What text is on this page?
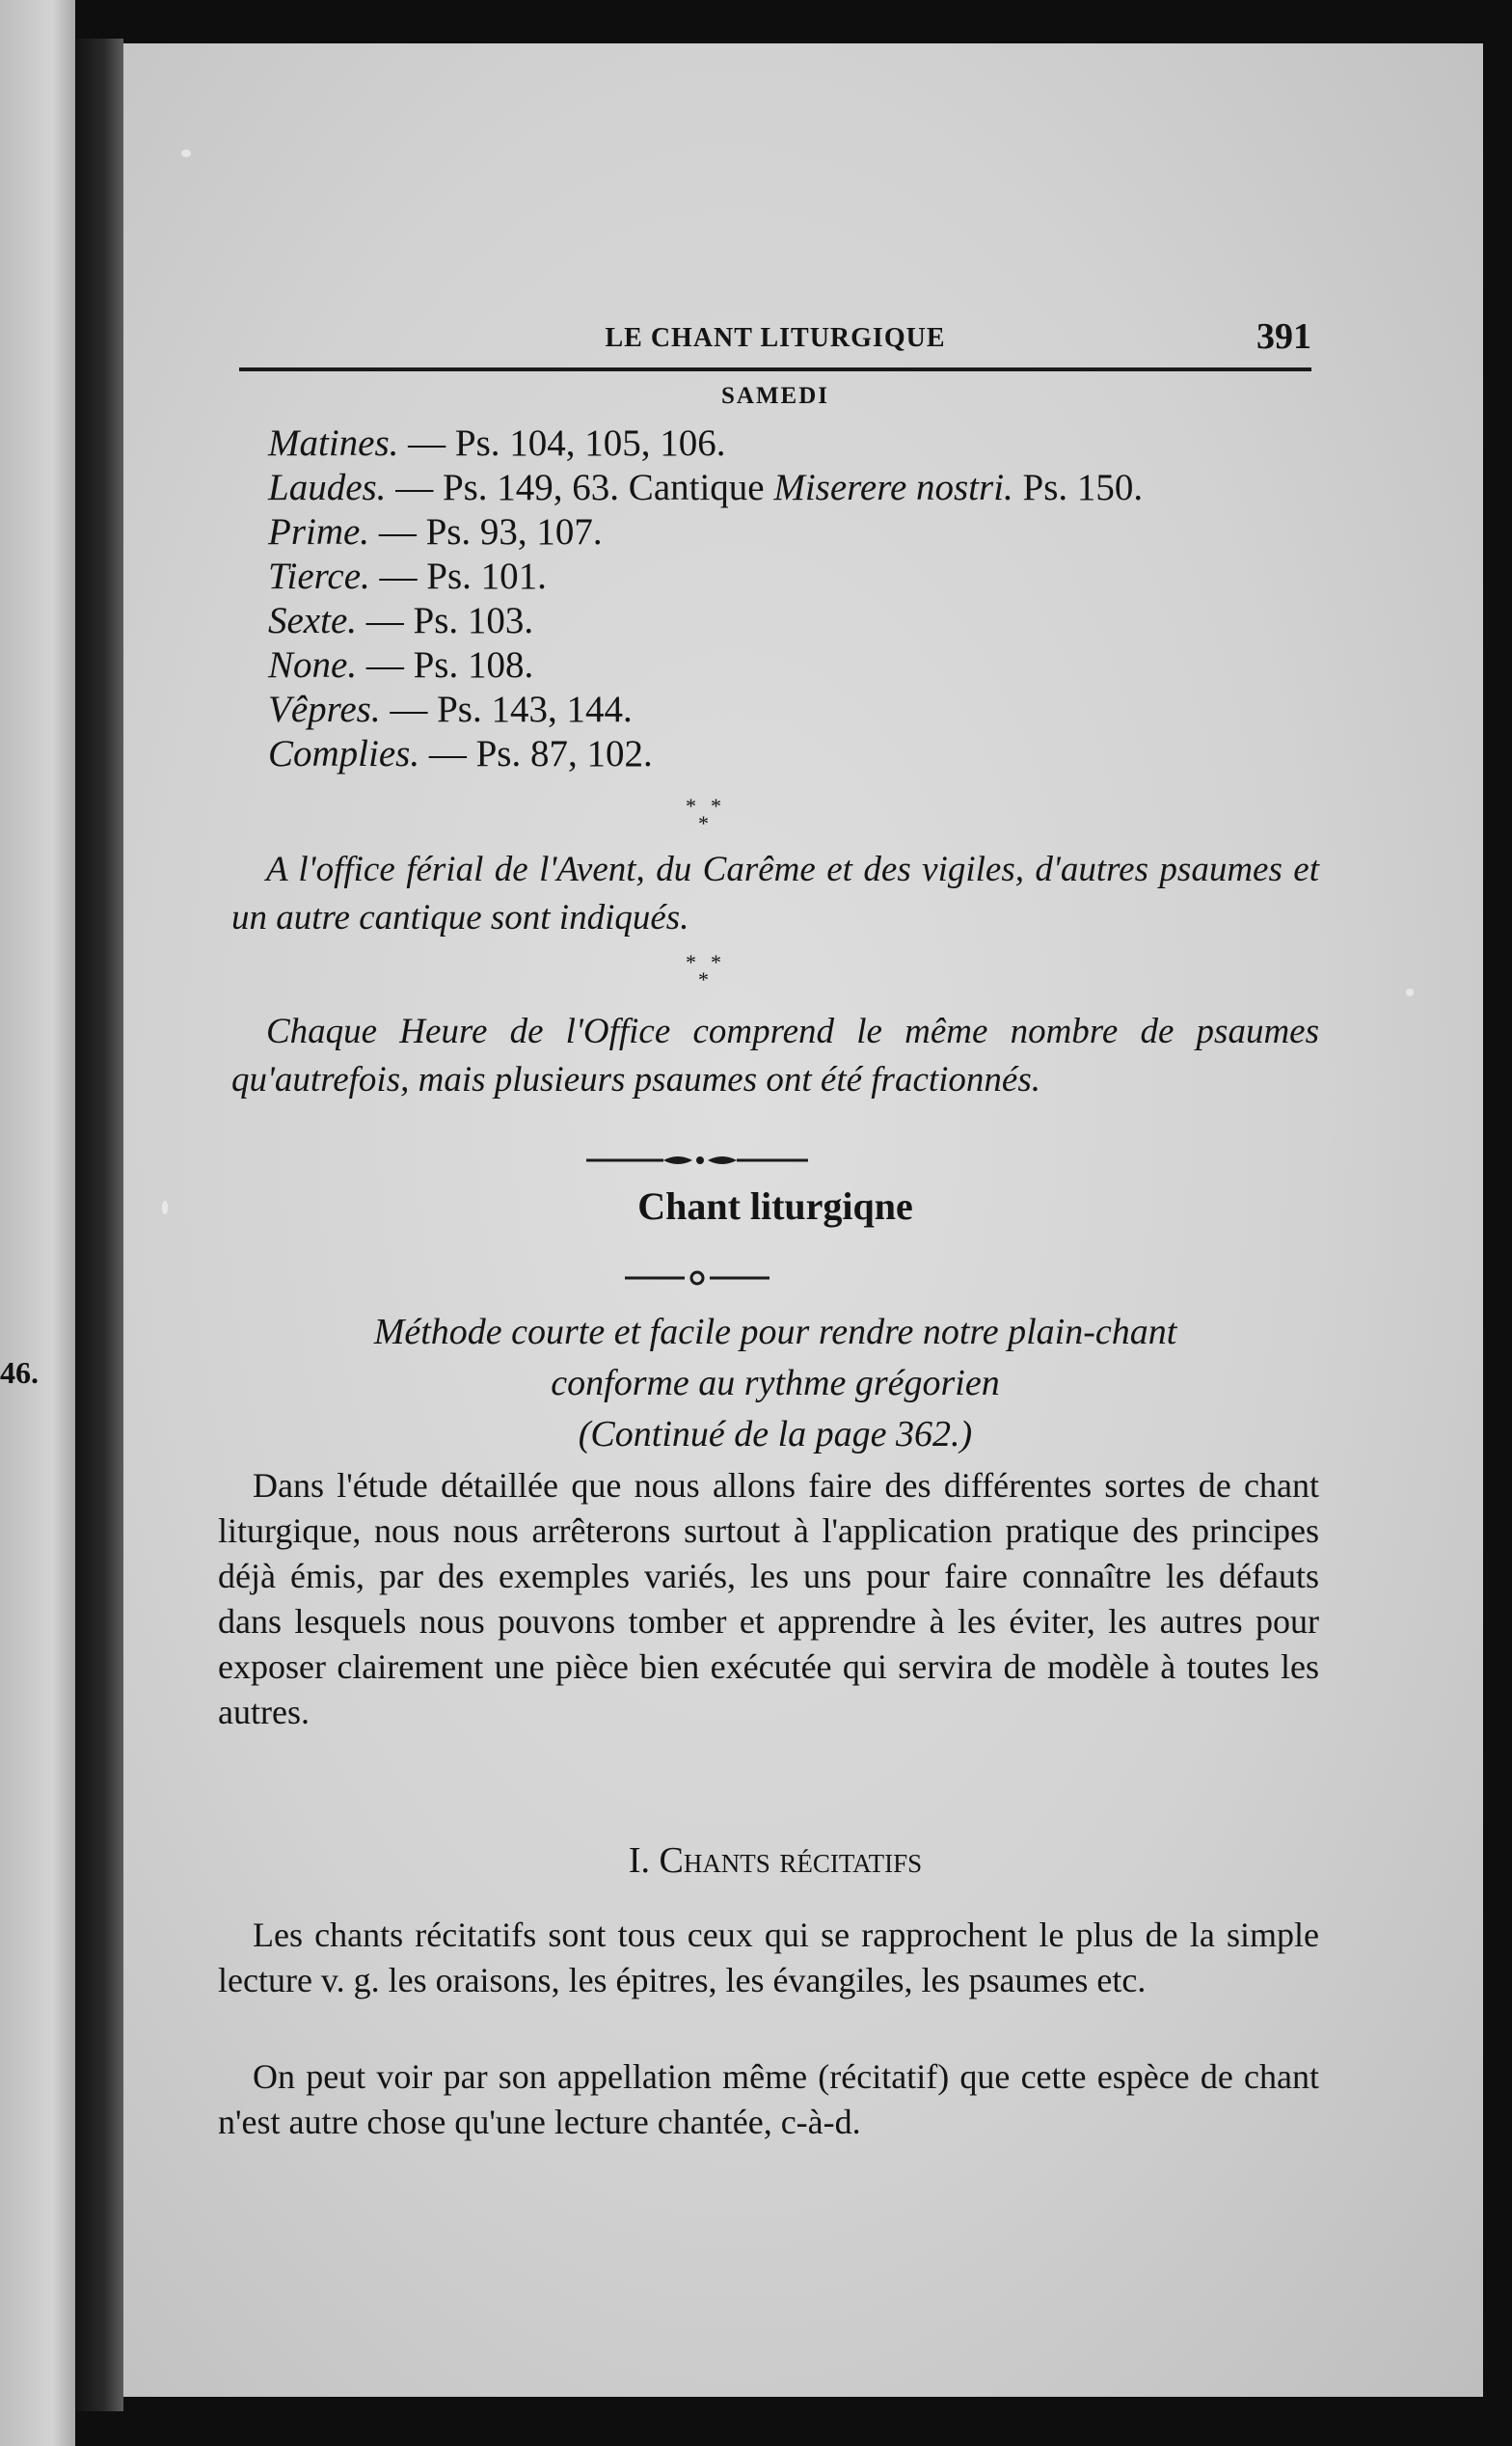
46.
LE CHANT LITURGIQUE	391
SAMEDI
Matines. — Ps. 104, 105, 106.
Laudes. — Ps. 149, 63. Cantique Miserere nostri. Ps. 150.
Prime. — Ps. 93, 107.
Tierce. — Ps. 101.
Sexte. — Ps. 103.
None. — Ps. 108.
Vêpres. — Ps. 143, 144.
Complies. — Ps. 87, 102.
* *
*
A l'office férial de l'Avent, du Carême et des vigiles, d'autres psaumes et un autre cantique sont indiqués.
* *
*
Chaque Heure de l'Office comprend le même nombre de psaumes qu'autrefois, mais plusieurs psaumes ont été fractionnés.
Chant liturgiqne
Méthode courte et facile pour rendre notre plain-chant
conforme au rythme grégorien
(Continué de la page 362.)
Dans l'étude détaillée que nous allons faire des différentes sortes de chant liturgique, nous nous arrêterons surtout à l'application pratique des principes déjà émis, par des exemples variés, les uns pour faire connaître les défauts dans lesquels nous pouvons tomber et apprendre à les éviter, les autres pour exposer clairement une pièce bien exécutée qui servira de modèle à toutes les autres.
I. Chants récitatifs
Les chants récitatifs sont tous ceux qui se rapprochent le plus de la simple lecture v. g. les oraisons, les épitres, les évangiles, les psaumes etc.
On peut voir par son appellation même (récitatif) que cette espèce de chant n'est autre chose qu'une lecture chantée, c-à-d.
